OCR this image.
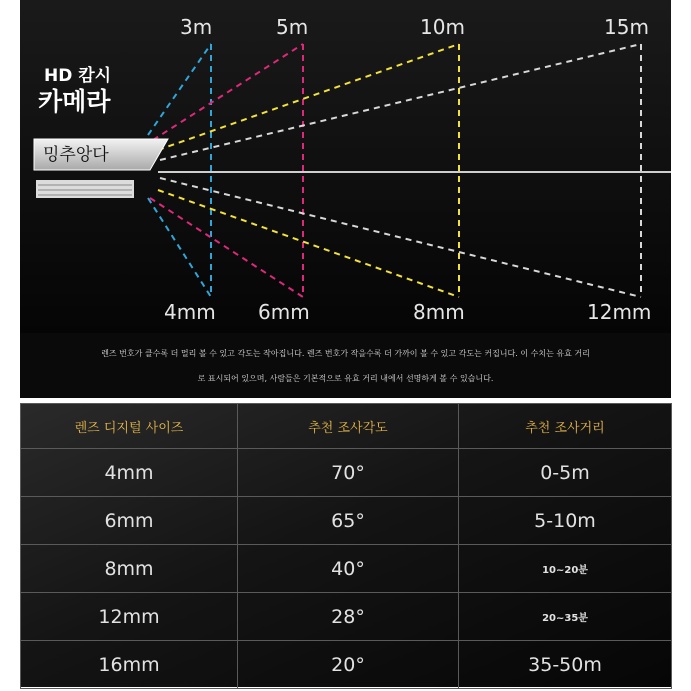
3m	5m	10m	15m
4mm 6mm	8mm	12mm
HD 캄시
카메라
밍추앙다
렌즈 번호가 클수록 더 멀리 볼 수 있고 각도는 작아집니다. 렌즈 번호가 작을수록 더 가까이 볼 수 있고 각도는 커집니다. 이 수치는 유효 거리
로 표시되어 있으며, 사람들은 기본적으로 유효 거리 내에서 선명하게 볼 수 있습니다.
렌즈 디지털 사이즈	추천 조사각도	추천 조사거리
4mm	70°	0-5m
6mm	65°	5-10m
8mm	40°	10~20분
12mm	28°	20~35분
16mm	20°	35-50m
